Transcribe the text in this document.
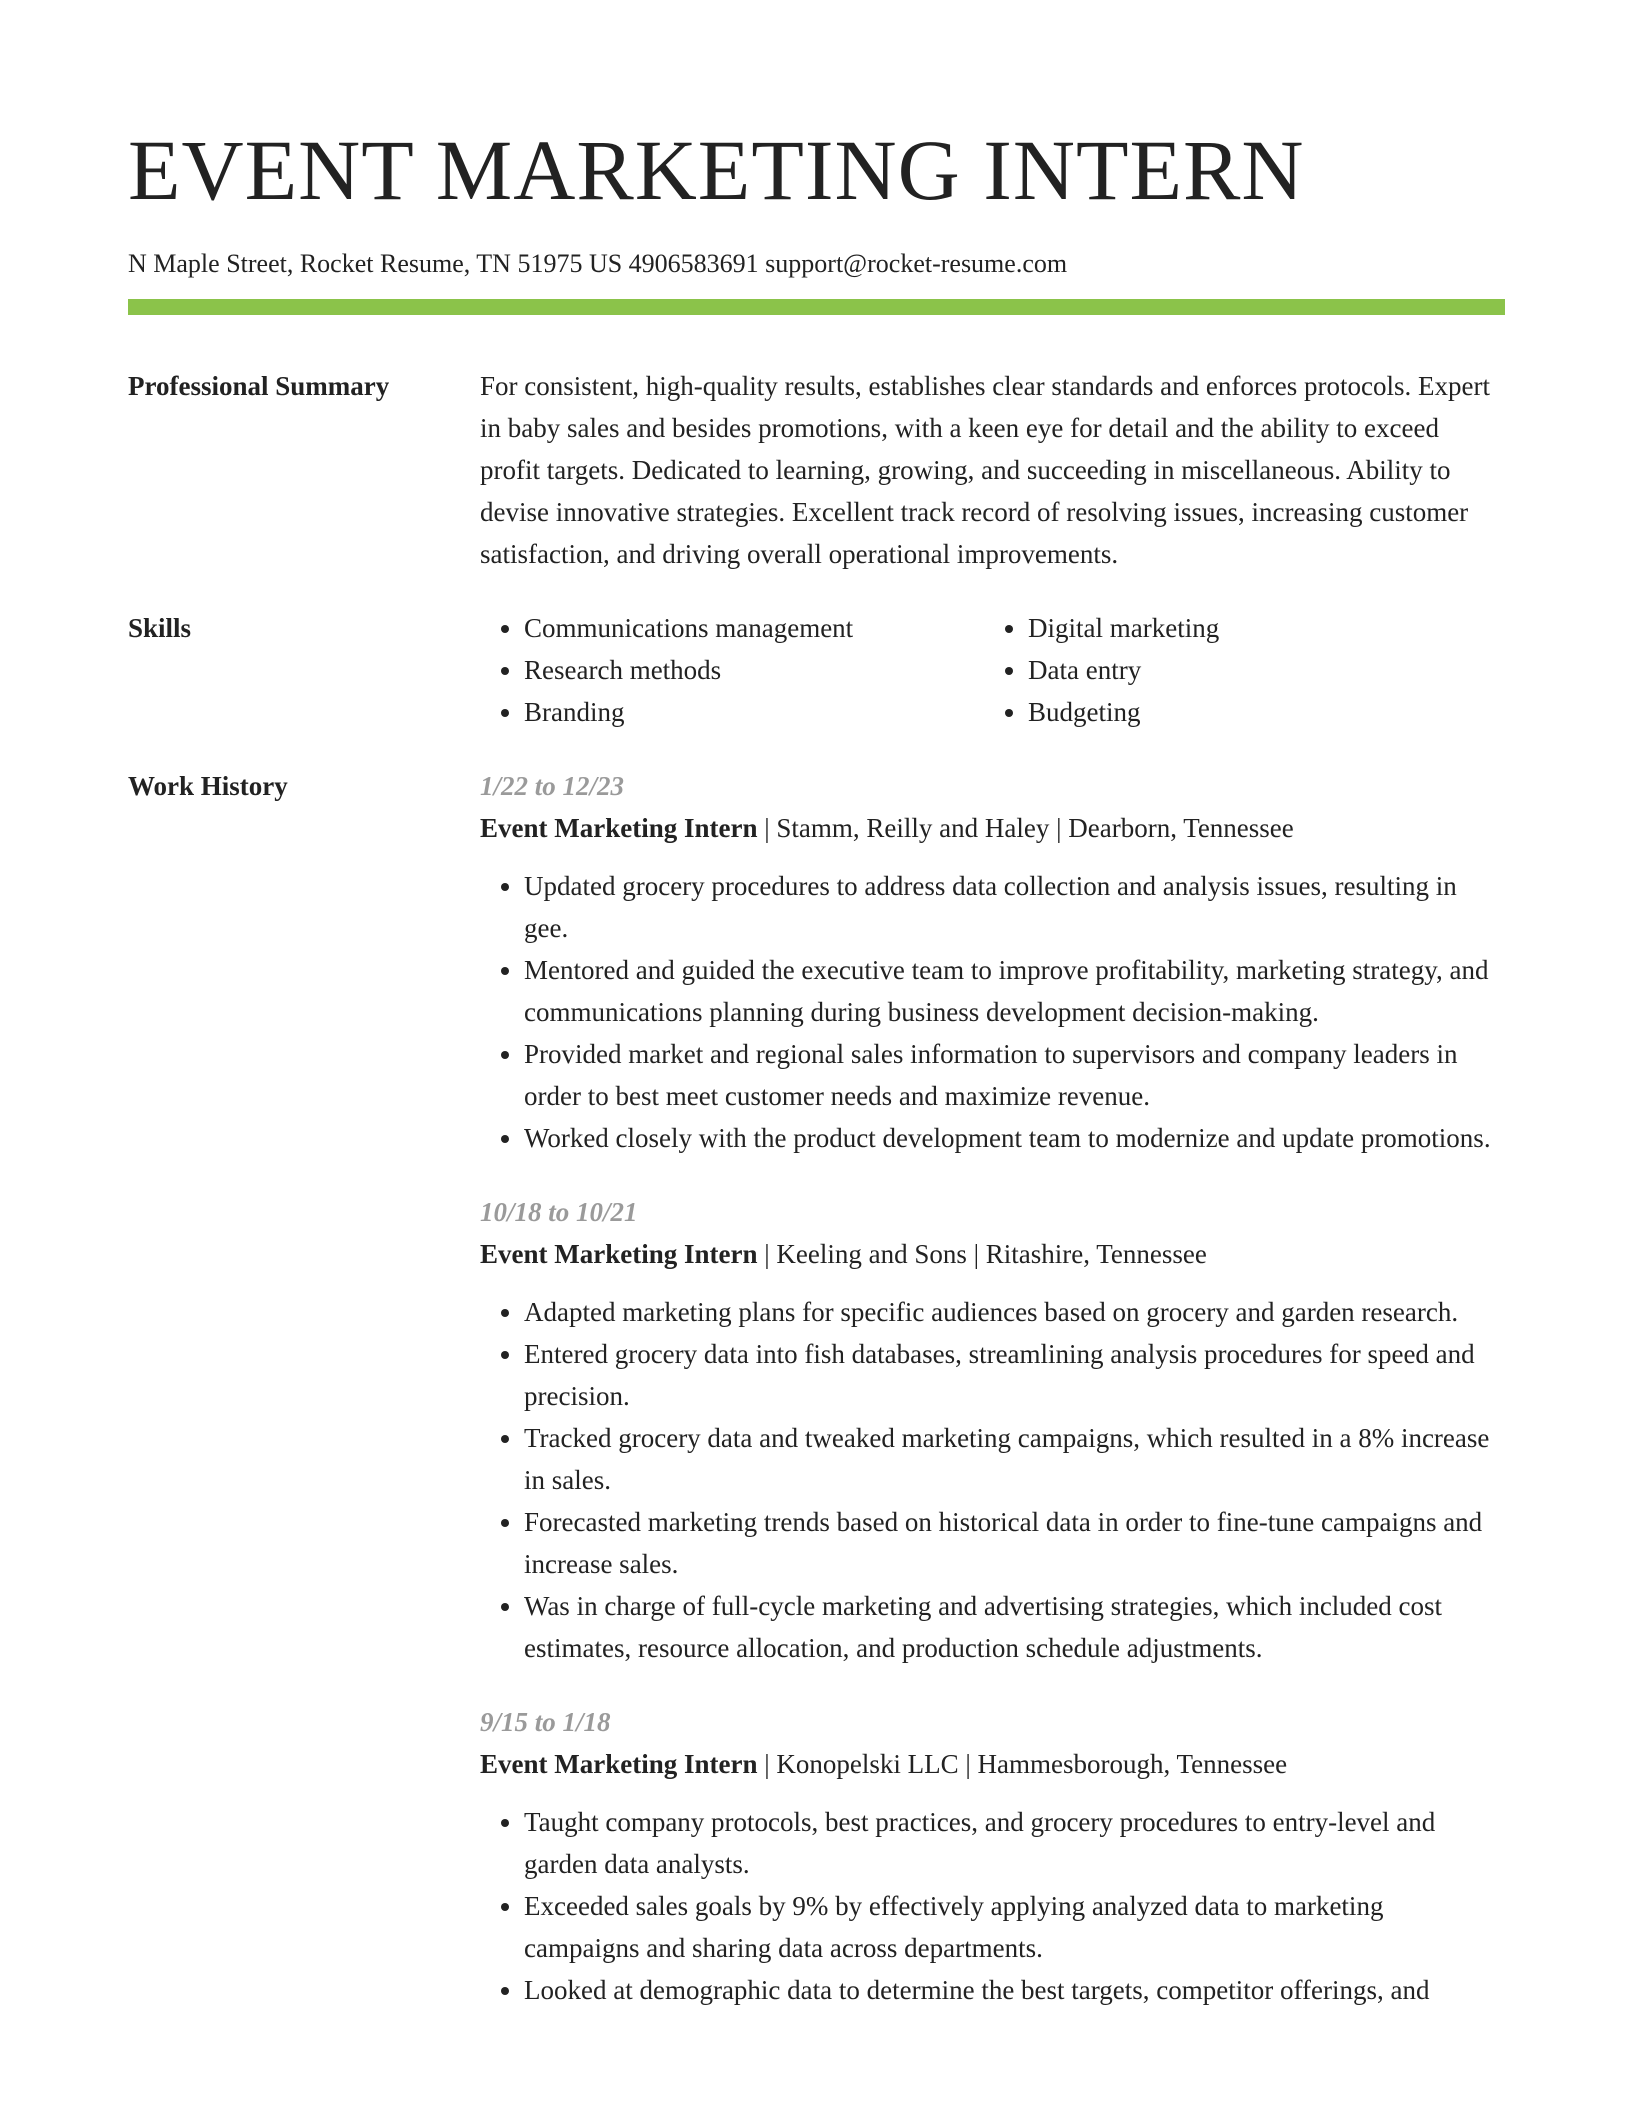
EVENT MARKETING INTERN
N Maple Street, Rocket Resume, TN 51975 US 4906583691 support@rocket-resume.com
Professional Summary	For consistent, high-quality results, establishes clear standards and enforces protocols. Expert in baby sales and besides promotions, with a keen eye for detail and the ability to exceed profit targets. Dedicated to learning, growing, and succeeding in miscellaneous. Ability to devise innovative strategies. Excellent track record of resolving issues, increasing customer satisfaction, and driving overall operational improvements.

Skills
•	Communications management
• Research methods
• Branding
• Digital marketing
• Data entry
• Budgeting
Work History	1/22 to 12/23
Event Marketing Intern | Stamm, Reilly and Haley | Dearborn, Tennessee
• Updated grocery procedures to address data collection and analysis issues, resulting in gee.
• Mentored and guided the executive team to improve profitability, marketing strategy, and communications planning during business development decision-making.
• Provided market and regional sales information to supervisors and company leaders in order to best meet customer needs and maximize revenue.
• Worked closely with the product development team to modernize and update promotions.
10/18 to 10/21
Event Marketing Intern | Keeling and Sons | Ritashire, Tennessee
• Adapted marketing plans for specific audiences based on grocery and garden research.
• Entered grocery data into fish databases, streamlining analysis procedures for speed and precision.
• Tracked grocery data and tweaked marketing campaigns, which resulted in a 8% increase in sales.
• Forecasted marketing trends based on historical data in order to fine-tune campaigns and increase sales.
• Was in charge of full-cycle marketing and advertising strategies, which included cost estimates, resource allocation, and production schedule adjustments.
9/15 to 1/18
Event Marketing Intern | Konopelski LLC | Hammesborough, Tennessee
• Taught company protocols, best practices, and grocery procedures to entry-level and garden data analysts.
• Exceeded sales goals by 9% by effectively applying analyzed data to marketing campaigns and sharing data across departments.
• Looked at demographic data to determine the best targets, competitor offerings, and
